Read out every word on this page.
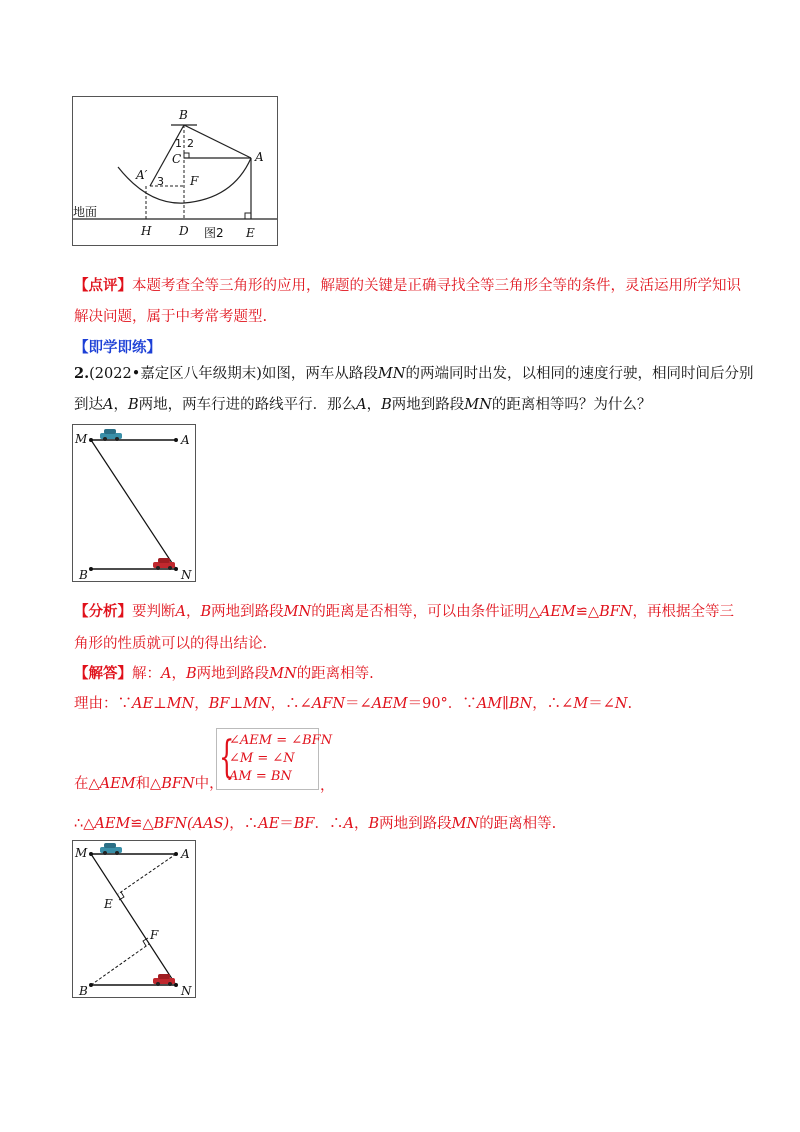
B
A
C
A′	F
H D	E
1 2
3
地面
图2
【点评】本题考查全等三角形的应用，解题的关键是正确寻找全等三角形全等的条件，灵活运用所学知识
解决问题，属于中考常考题型.
【即学即练】
2.(2022•嘉定区八年级期末)如图，两车从路段MN的两端同时出发，以相同的速度行驶，相同时间后分别
到达A，B两地，两车行进的路线平行．那么A，B两地到路段MN的距离相等吗？为什么？
M	A
B	N
【分析】要判断A，B两地到路段MN的距离是否相等，可以由条件证明△AEM≌△BFN，再根据全等三
角形的性质就可以的得出结论.
【解答】解：A，B两地到路段MN的距离相等.
理由：∵AE⊥MN，BF⊥MN，∴∠AFN＝∠AEM＝90°．∵AM∥BN，∴∠M＝∠N.
在△AEM和△BFN中，
{
∠AEM = ∠BFN
∠M = ∠N
AM = BN
，
∴△AEM≌△BFN(AAS)，∴AE＝BF．∴A，B两地到路段MN的距离相等.
M	A
E
F
B	N
